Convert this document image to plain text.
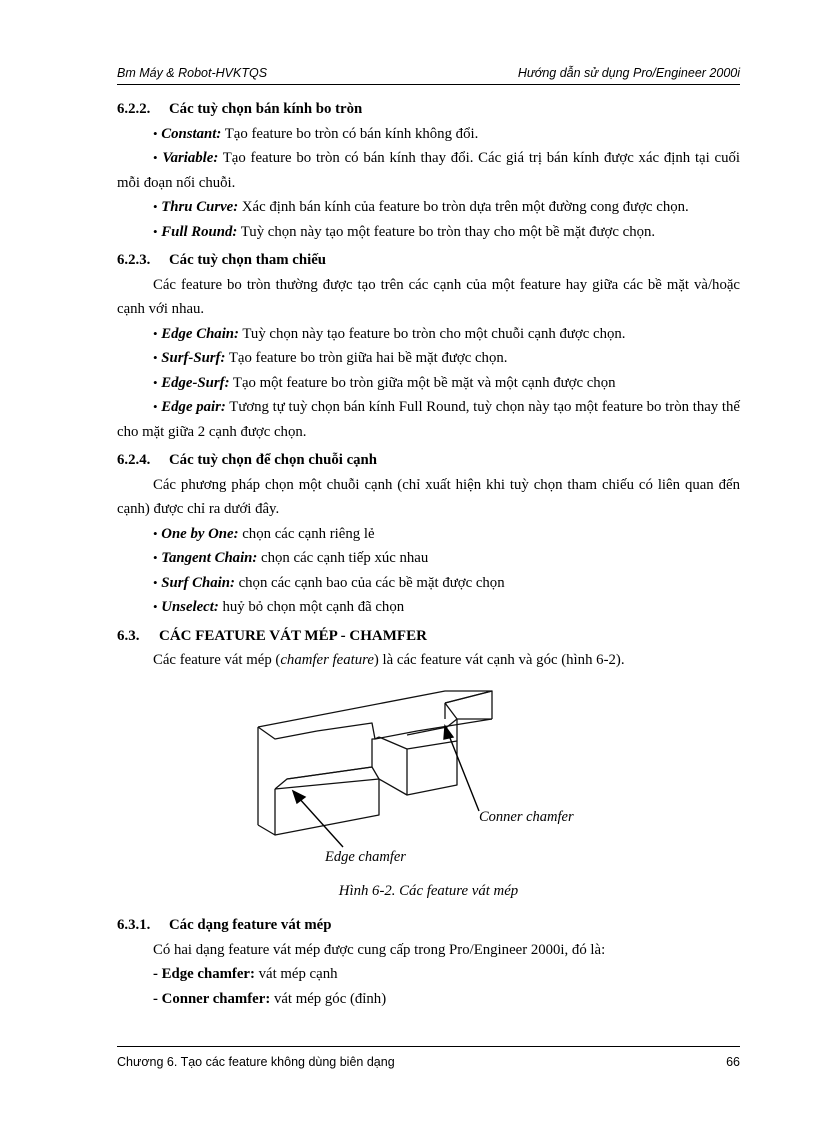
Bm Máy & Robot-HVKTQS	Hướng dẫn sử dụng Pro/Engineer 2000i

6.2.2. Các tuỳ chọn bán kính bo tròn

• Constant: Tạo feature bo tròn có bán kính không đổi.

• Variable: Tạo feature bo tròn có bán kính thay đổi. Các giá trị bán kính được xác định tại cuối mỗi đoạn nối chuỗi.

• Thru Curve: Xác định bán kính của feature bo tròn dựa trên một đường cong được chọn.

• Full Round: Tuỳ chọn này tạo một feature bo tròn thay cho một bề mặt được chọn.

6.2.3. Các tuỳ chọn tham chiếu

Các feature bo tròn thường được tạo trên các cạnh của một feature hay giữa các bề mặt và/hoặc cạnh với nhau.

• Edge Chain: Tuỳ chọn này tạo feature bo tròn cho một chuỗi cạnh được chọn.

• Surf-Surf: Tạo feature bo tròn giữa hai bề mặt được chọn.

• Edge-Surf: Tạo một feature bo tròn giữa một bề mặt và một cạnh được chọn

• Edge pair: Tương tự tuỳ chọn bán kính Full Round, tuỳ chọn này tạo một feature bo tròn thay thế cho mặt giữa 2 cạnh được chọn.

6.2.4. Các tuỳ chọn để chọn chuỗi cạnh

Các phương pháp chọn một chuỗi cạnh (chỉ xuất hiện khi tuỳ chọn tham chiếu có liên quan đến cạnh) được chỉ ra dưới đây.

• One by One: chọn các cạnh riêng lẻ

• Tangent Chain: chọn các cạnh tiếp xúc nhau

• Surf Chain: chọn các cạnh bao của các bề mặt được chọn

• Unselect: huỷ bỏ chọn một cạnh đã chọn

6.3. CÁC FEATURE VÁT MÉP - CHAMFER

Các feature vát mép (chamfer feature) là các feature vát cạnh và góc (hình 6-2).

Conner chamfer
Edge chamfer

Hình 6-2. Các feature vát mép

6.3.1. Các dạng feature vát mép

Có hai dạng feature vát mép được cung cấp trong Pro/Engineer 2000i, đó là:

- Edge chamfer: vát mép cạnh

- Conner chamfer: vát mép góc (đỉnh)

Chương 6. Tạo các feature không dùng biên dạng	66
